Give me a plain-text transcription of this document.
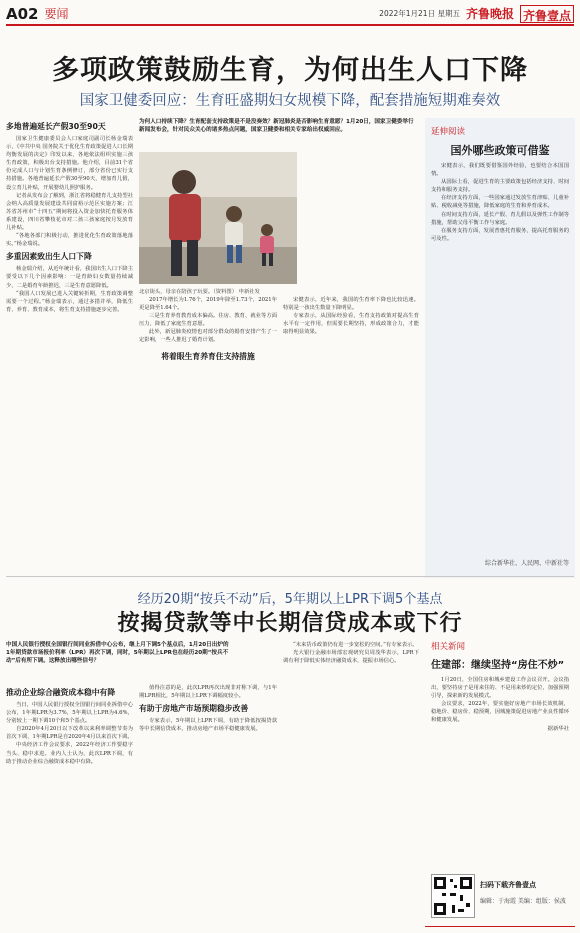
A02 要闻	2022年1月21日 星期五 齐鲁晚报 齐鲁壹点
多项政策鼓励生育，为何出生人口下降
国家卫健委回应：生育旺盛期妇女规模下降，配套措施短期难奏效
多地普遍延长产假30至90天

国家卫生健康委员会人口家庭司副司长杨金瑞表示，《中共中央 国务院关于优化生育政策促进人口长期均衡发展的决定》印发以来，各地依法组织实施三孩生育政策，积极出台支持措施。他介绍，目前31个省份完成人口与计划生育条例修订，部分省份已实行支持措施。各地普遍延长产假30至90天，增加育儿假，设立育儿补贴，开展婴幼儿照护服务。

记者从发布会了解到，浙江省将稳健育儿支持型社会纳入高质量发展建设共同富裕示范区实施方案；江苏省苏州市“十四五”期间将投入资金加快托育服务体系建设，四川省攀枝花市对二孩三孩家庭按月发放育儿补贴。

“各地各部门积极行动，推进优化生育政策落地落实。”杨金瑞说。

多重因素致出生人口下降

杨金瑞介绍，从近年统计看，我国出生人口下降主要受以下几个因素影响：一是育龄妇女数量持续减少，二是婚育年龄推迟，三是生育意愿降低。

“我国人口发展已进入关键转折期，生育政策调整需要一个过程。”杨金瑞表示，通过多措并举，降低生育、养育、教育成本，将生育支持措施逐步完善。

为何人口持续下降？生育配套支持政策是不是没奏效？新冠肺炎是否影响生育意愿？1月20日，国家卫健委举行新闻发布会，针对民众关心的诸多热点问题，国家卫健委和相关专家给出权威回应。
北京街头，母亲在陪孩子玩耍。（资料图） 申新社发

2017年增长为1.76个，2019年降至1.73个，2021年更是降至1.64个。

三是生育养育教育成本偏高。住房、教育、就业等方面压力，降低了家庭生育意愿。

此外，新冠肺炎疫情也对部分群众的婚育安排产生了一定影响，一些人推迟了婚育计划。

将着眼生育养育住支持措施

宋健表示，近年来，我国的生育率下降也比较迅速。特别是一孩出生数量下降明显。

专家表示，从国际经验看，生育支持政策对提高生育水平有一定作用，但需要长期坚持，形成政策合力，才能取得明显效果。

延伸阅读
国外哪些政策可借鉴

宋健表示，我们既要借鉴国外经验，也要结合本国国情。

从国际上看，促进生育的主要政策包括经济支持、时间支持和服务支持。

在经济支持方面，一些国家通过发放生育津贴、儿童补贴、税收减免等措施，降低家庭的生育和养育成本。

在时间支持方面，延长产假、育儿假以及弹性工作制等措施，帮助父母平衡工作与家庭。

在服务支持方面，发展普惠托育服务，提高托育服务的可及性。

综合新华社、人民网、中新社等
经历20期“按兵不动”后，5年期以上LPR下调5个基点
按揭贷款等中长期信贷成本或下行
中国人民银行授权全国银行间同业拆借中心公布，继上月下调5个基点后，1月20日出炉的1年期贷款市场报价利率（LPR）再次下调，同时，5年期以上LPR也在经历20期“按兵不动”后有所下调。这释放出哪些信号？
推动企业综合融资成本稳中有降

当日，中国人民银行授权全国银行间同业拆借中心公布，1年期LPR为3.7%，5年期以上LPR为4.6%，分别较上一期下调10个和5个基点。

自2020年4月20日以下改革以来利率调整节奏为首次下调，1年期LPR是自2020年4月以来首次下调。

中央经济工作会议要求，2022年经济工作要稳字当头、稳中求进。业内人士认为，此次LPR下调，有助于推动企业综合融资成本稳中有降。

值得注意的是，此次LPR再次出现非对称下调，与1年期LPR相比，5年期以上LPR下调幅度较小。

有助于房地产市场预期稳步改善

专家表示，5年期以上LPR下调，有助于降低按揭贷款等中长期信贷成本，推动房地产市场平稳健康发展。

“未来货币政策仍有进一步宽松的空间。”有专家表示。

光大银行金融市场部宏观研究员周茂华表示，LPR下调有利于降低实体经济融资成本，提振市场信心。

相关新闻
住建部：继续坚持“房住不炒”

1月20日，全国住房和城乡建设工作会议召开。会议指出，要坚持房子是用来住的、不是用来炒的定位，加强预期引导，探索新的发展模式。

会议要求，2022年，要实施好房地产市场长效机制，稳地价、稳房价、稳预期，因城施策促进房地产业良性循环和健康发展。

据新华社

扫码下载齐鲁壹点
编辑：于海霞 美编：组版：侯波
